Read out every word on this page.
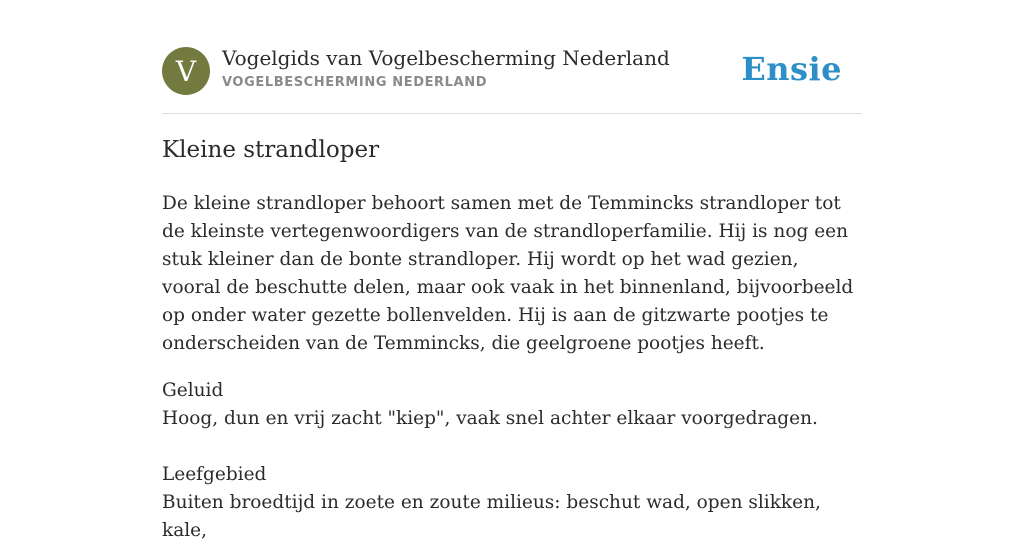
V	Vogelgids van Vogelbescherming Nederland
VOGELBESCHERMING NEDERLAND	Ensie
Kleine strandloper

De kleine strandloper behoort samen met de Temmincks strandloper tot de kleinste vertegenwoordigers van de strandloperfamilie. Hij is nog een stuk kleiner dan de bonte strandloper. Hij wordt op het wad gezien, vooral de beschutte delen, maar ook vaak in het binnenland, bijvoorbeeld op onder water gezette bollenvelden. Hij is aan de gitzwarte pootjes te onderscheiden van de Temmincks, die geelgroene pootjes heeft.

Geluid

Hoog, dun en vrij zacht "kiep", vaak snel achter elkaar voorgedragen.

Leefgebied

Buiten broedtijd in zoete en zoute milieus: beschut wad, open slikken, kale,
